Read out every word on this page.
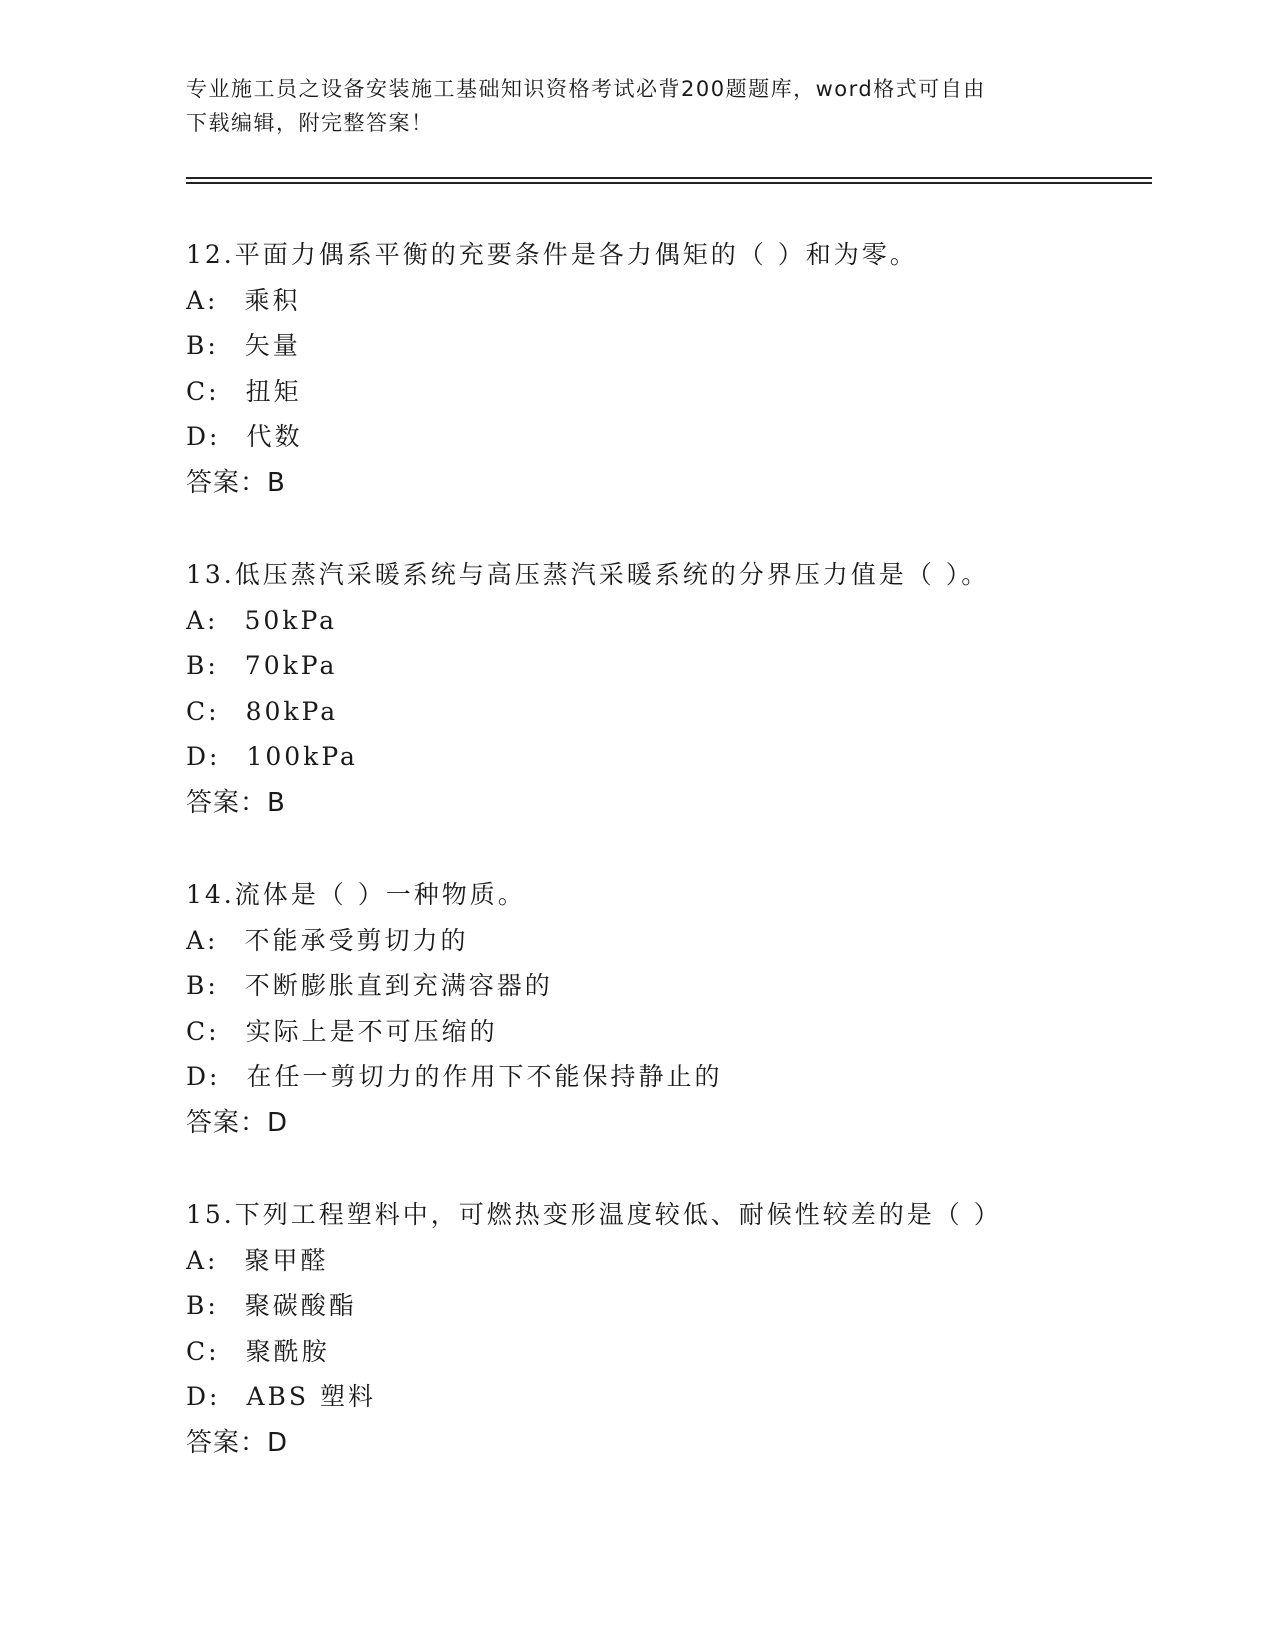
专业施工员之设备安装施工基础知识资格考试必背200题题库，word格式可自由
下载编辑，附完整答案！
12.平面力偶系平衡的充要条件是各力偶矩的（ ）和为零。
A: 乘积
B: 矢量
C: 扭矩
D: 代数
答案：B
13.低压蒸汽采暖系统与高压蒸汽采暖系统的分界压力值是（ ）。
A: 50kPa
B: 70kPa
C: 80kPa
D: 100kPa
答案：B
14.流体是（ ）一种物质。
A: 不能承受剪切力的
B: 不断膨胀直到充满容器的
C: 实际上是不可压缩的
D: 在任一剪切力的作用下不能保持静止的
答案：D
15.下列工程塑料中，可燃热变形温度较低、耐候性较差的是（ ）
A: 聚甲醛
B: 聚碳酸酯
C: 聚酰胺
D: ABS 塑料
答案：D
